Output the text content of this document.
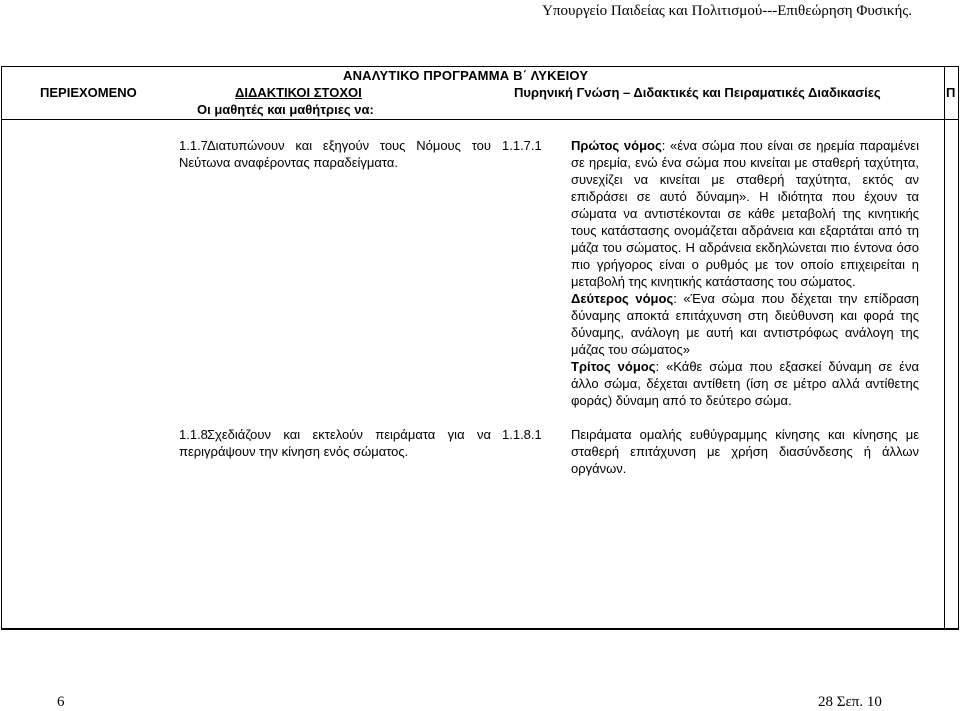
Υπουργείο Παιδείας και Πολιτισμού---Επιθεώρηση Φυσικής.
ΑΝΑΛΥΤΙΚΟ ΠΡΟΓΡΑΜΜΑ Β΄ ΛΥΚΕΙΟΥ
ΠΕΡΙΕΧΟΜΕΝΟ	ΔΙΔΑΚΤΙΚΟΙ ΣΤΟΧΟΙ	Πυρηνική Γνώση – Διδακτικές και Πειραματικές Διαδικασίες	Π
Οι μαθητές και μαθήτριες να:
1.1.7Διατυπώνουν και εξηγούν τους Νόμους του Νεύτωνα αναφέροντας παραδείγματα.
1.1.7.1 Πρώτος νόμος: «ένα σώμα που είναι σε ηρεμία παραμένει σε ηρεμία, ενώ ένα σώμα που κινείται με σταθερή ταχύτητα, συνεχίζει να κινείται με σταθερή ταχύτητα, εκτός αν επιδράσει σε αυτό δύναμη». Η ιδιότητα που έχουν τα σώματα να αντιστέκονται σε κάθε μεταβολή της κινητικής τους κατάστασης ονομάζεται αδράνεια και εξαρτάται από τη μάζα του σώματος. Η αδράνεια εκδηλώνεται πιο έντονα όσο πιο γρήγορος είναι ο ρυθμός με τον οποίο επιχειρείται η μεταβολή της κινητικής κατάστασης του σώματος.

Δεύτερος νόμος: «Ένα σώμα που δέχεται την επίδραση δύναμης αποκτά επιτάχυνση στη διεύθυνση και φορά της δύναμης, ανάλογη με αυτή και αντιστρόφως ανάλογη της μάζας του σώματος»

Τρίτος νόμος: «Κάθε σώμα που εξασκεί δύναμη σε ένα άλλο σώμα, δέχεται αντίθετη (ίση σε μέτρο αλλά αντίθετης φοράς) δύναμη από το δεύτερο σώμα.

1.1.8Σχεδιάζουν και εκτελούν πειράματα για να περιγράψουν την κίνηση ενός σώματος.
1.1.8.1 Πειράματα ομαλής ευθύγραμμης κίνησης και κίνησης με σταθερή επιτάχυνση με χρήση διασύνδεσης ή άλλων οργάνων.

6	28 Σεπ. 10
